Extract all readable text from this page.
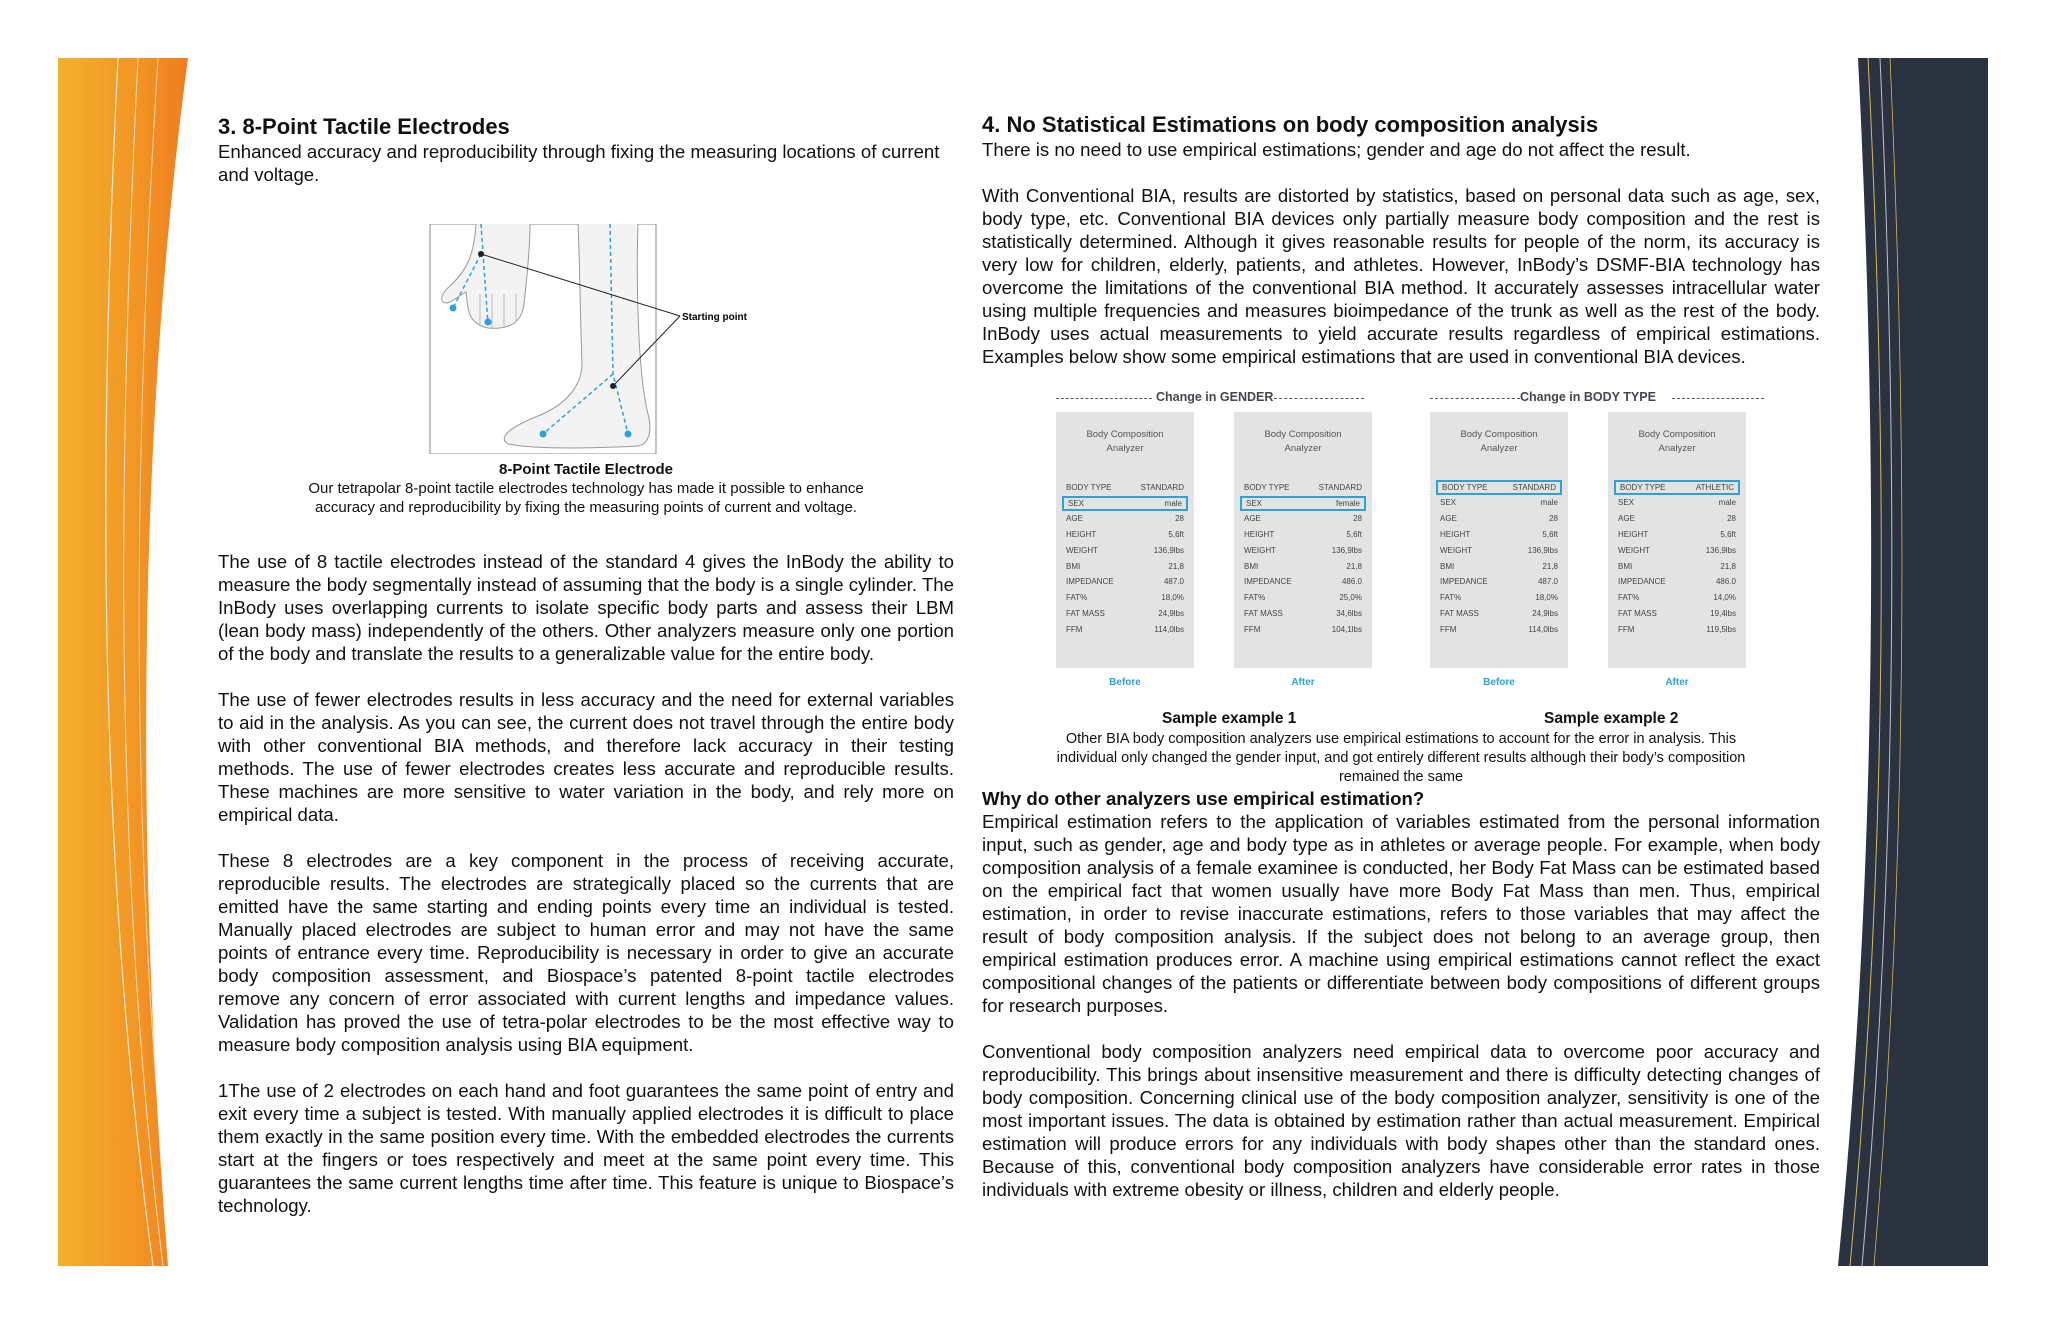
3. 8-Point Tactile Electrodes

Enhanced accuracy and reproducibility through fixing the measuring locations of current and voltage.

Starting point
8-Point Tactile Electrode
Our tetrapolar 8-point tactile electrodes technology has made it possible to enhance accuracy and reproducibility by fixing the measuring points of current and voltage.

The use of 8 tactile electrodes instead of the standard 4 gives the InBody the ability to measure the body segmentally instead of assuming that the body is a single cylinder. The InBody uses overlapping currents to isolate specific body parts and assess their LBM (lean body mass) independently of the others. Other analyzers measure only one portion of the body and translate the results to a generalizable value for the entire body.

The use of fewer electrodes results in less accuracy and the need for external variables to aid in the analysis. As you can see, the current does not travel through the entire body with other conventional BIA methods, and therefore lack accuracy in their testing methods. The use of fewer electrodes creates less accurate and reproducible results. These machines are more sensitive to water variation in the body, and rely more on empirical data.

These 8 electrodes are a key component in the process of receiving accurate, reproducible results. The electrodes are strategically placed so the currents that are emitted have the same starting and ending points every time an individual is tested. Manually placed electrodes are subject to human error and may not have the same points of entrance every time. Reproducibility is necessary in order to give an accurate body composition assessment, and Biospace’s patented 8-point tactile electrodes remove any concern of error associated with current lengths and impedance values. Validation has proved the use of tetra-polar electrodes to be the most effective way to measure body composition analysis using BIA equipment.

1The use of 2 electrodes on each hand and foot guarantees the same point of entry and exit every time a subject is tested. With manually applied electrodes it is difficult to place them exactly in the same position every time. With the embedded electrodes the currents start at the fingers or toes respectively and meet at the same point every time. This guarantees the same current lengths time after time. This feature is unique to Biospace’s technology.

4. No Statistical Estimations on body composition analysis

There is no need to use empirical estimations; gender and age do not affect the result.

With Conventional BIA, results are distorted by statistics, based on personal data such as age, sex, body type, etc. Conventional BIA devices only partially measure body composition and the rest is statistically determined. Although it gives reasonable results for people of the norm, its accuracy is very low for children, elderly, patients, and athletes. However, InBody’s DSMF-BIA technology has overcome the limitations of the conventional BIA method. It accurately assesses intracellular water using multiple frequencies and measures bioimpedance of the trunk as well as the rest of the body. InBody uses actual measurements to yield accurate results regardless of empirical estimations. Examples below show some empirical estimations that are used in conventional BIA devices.

Change in GENDER	Change in BODY TYPE
Body Composition
Analyzer
BODY TYPE	STANDARD
SEX	male
AGE	28
HEIGHT	5,6ft
WEIGHT	136,9lbs
BMI	21,8
IMPEDANCE	487.0
FAT%	18,0%
FAT MASS	24,9lbs
FFM	114,0lbs
Before
Body Composition
Analyzer
BODY TYPE	STANDARD
SEX	female
AGE	28
HEIGHT	5,6ft
WEIGHT	136,9lbs
BMI	21,8
IMPEDANCE	486.0
FAT%	25,0%
FAT MASS	34,6lbs
FFM	104,1lbs
After
Body Composition
Analyzer
BODY TYPE	STANDARD
SEX	male
AGE	28
HEIGHT	5,6ft
WEIGHT	136,9lbs
BMI	21,8
IMPEDANCE	487.0
FAT%	18,0%
FAT MASS	24,9lbs
FFM	114,0lbs
Before
Body Composition
Analyzer
BODY TYPE	ATHLETIC
SEX	male
AGE	28
HEIGHT	5,6ft
WEIGHT	136,9lbs
BMI	21,8
IMPEDANCE	486.0
FAT%	14,0%
FAT MASS	19,4lbs
FFM	119,5lbs
After
Sample example 1	Sample example 2
Other BIA body composition analyzers use empirical estimations to account for the error in analysis. This individual only changed the gender input, and got entirely different results although their body’s composition remained the same
Why do other analyzers use empirical estimation?

Empirical estimation refers to the application of variables estimated from the personal information input, such as gender, age and body type as in athletes or average people. For example, when body composition analysis of a female examinee is conducted, her Body Fat Mass can be estimated based on the empirical fact that women usually have more Body Fat Mass than men. Thus, empirical estimation, in order to revise inaccurate estimations, refers to those variables that may affect the result of body composition analysis. If the subject does not belong to an average group, then empirical estimation produces error. A machine using empirical estimations cannot reflect the exact compositional changes of the patients or differentiate between body compositions of different groups for research purposes.

Conventional body composition analyzers need empirical data to overcome poor accuracy and reproducibility. This brings about insensitive measurement and there is difficulty detecting changes of body composition. Concerning clinical use of the body composition analyzer, sensitivity is one of the most important issues. The data is obtained by estimation rather than actual measurement. Empirical estimation will produce errors for any individuals with body shapes other than the standard ones. Because of this, conventional body composition analyzers have considerable error rates in those individuals with extreme obesity or illness, children and elderly people.
